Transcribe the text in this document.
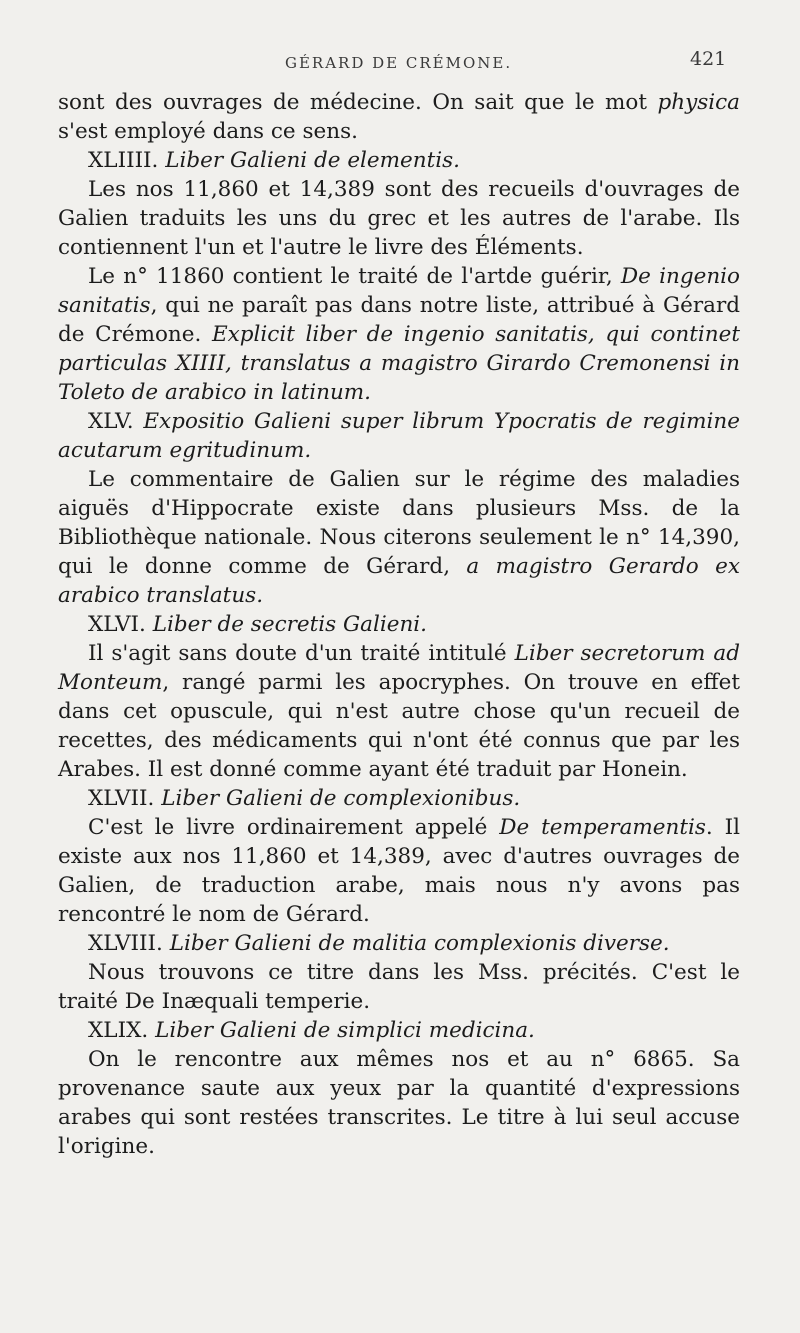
GÉRARD DE CRÉMONE.	421

sont des ouvrages de médecine. On sait que le mot physica s'est employé dans ce sens.

XLIIII. Liber Galieni de elementis.

Les nos 11,860 et 14,389 sont des recueils d'ouvrages de Galien traduits les uns du grec et les autres de l'arabe. Ils contiennent l'un et l'autre le livre des Éléments.

Le n° 11860 contient le traité de l'artde guérir, De ingenio sanitatis, qui ne paraît pas dans notre liste, attribué à Gérard de Crémone. Explicit liber de ingenio sanitatis, qui continet particulas XIIII, translatus a magistro Girardo Cremonensi in Toleto de arabico in latinum.

XLV. Expositio Galieni super librum Ypocratis de regimine acutarum egritudinum.

Le commentaire de Galien sur le régime des maladies aiguës d'Hippocrate existe dans plusieurs Mss. de la Bibliothèque nationale. Nous citerons seulement le n° 14,390, qui le donne comme de Gérard, a magistro Gerardo ex arabico translatus.

XLVI. Liber de secretis Galieni.

Il s'agit sans doute d'un traité intitulé Liber secretorum ad Monteum, rangé parmi les apocryphes. On trouve en effet dans cet opuscule, qui n'est autre chose qu'un recueil de recettes, des médicaments qui n'ont été connus que par les Arabes. Il est donné comme ayant été traduit par Honein.

XLVII. Liber Galieni de complexionibus.

C'est le livre ordinairement appelé De temperamentis. Il existe aux nos 11,860 et 14,389, avec d'autres ouvrages de Galien, de traduction arabe, mais nous n'y avons pas rencontré le nom de Gérard.

XLVIII. Liber Galieni de malitia complexionis diverse.

Nous trouvons ce titre dans les Mss. précités. C'est le traité De Inæquali temperie.

XLIX. Liber Galieni de simplici medicina.

On le rencontre aux mêmes nos et au n° 6865. Sa provenance saute aux yeux par la quantité d'expressions arabes qui sont restées transcrites. Le titre à lui seul accuse l'origine.
